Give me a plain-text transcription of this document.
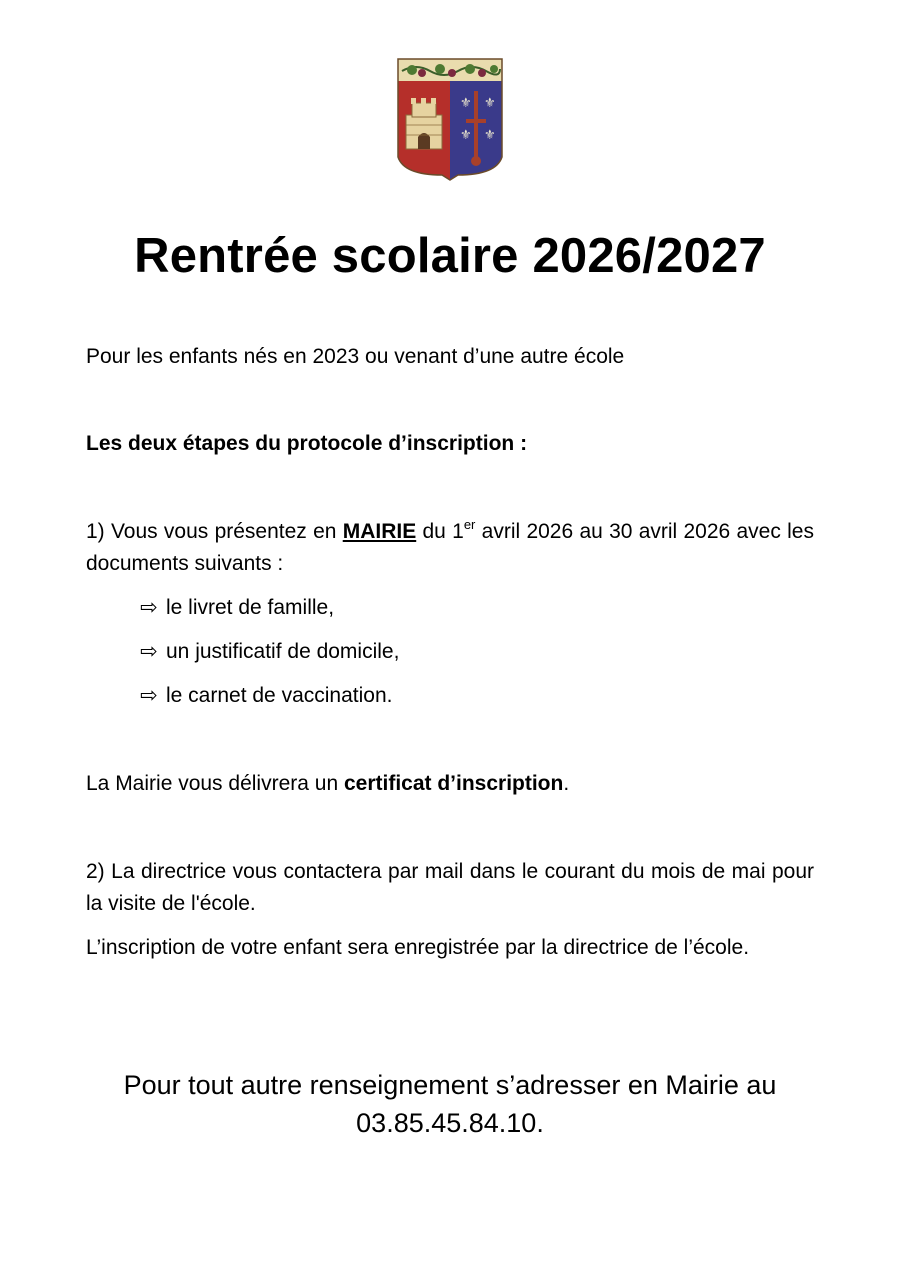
⚜ ⚜
⚜ ⚜
Rentrée scolaire 2026/2027

Pour les enfants nés en 2023 ou venant d’une autre école

Les deux étapes du protocole d’inscription :

1) Vous vous présentez en MAIRIE du 1er avril 2026 au 30 avril 2026 avec les documents suivants :

⇨ le livret de famille,
⇨ un justificatif de domicile,
⇨ le carnet de vaccination.

La Mairie vous délivrera un certificat d’inscription.

2) La directrice vous contactera par mail dans le courant du mois de mai pour la visite de l'école.

L’inscription de votre enfant sera enregistrée par la directrice de l’école.

Pour tout autre renseignement s’adresser en Mairie au
03.85.45.84.10.
